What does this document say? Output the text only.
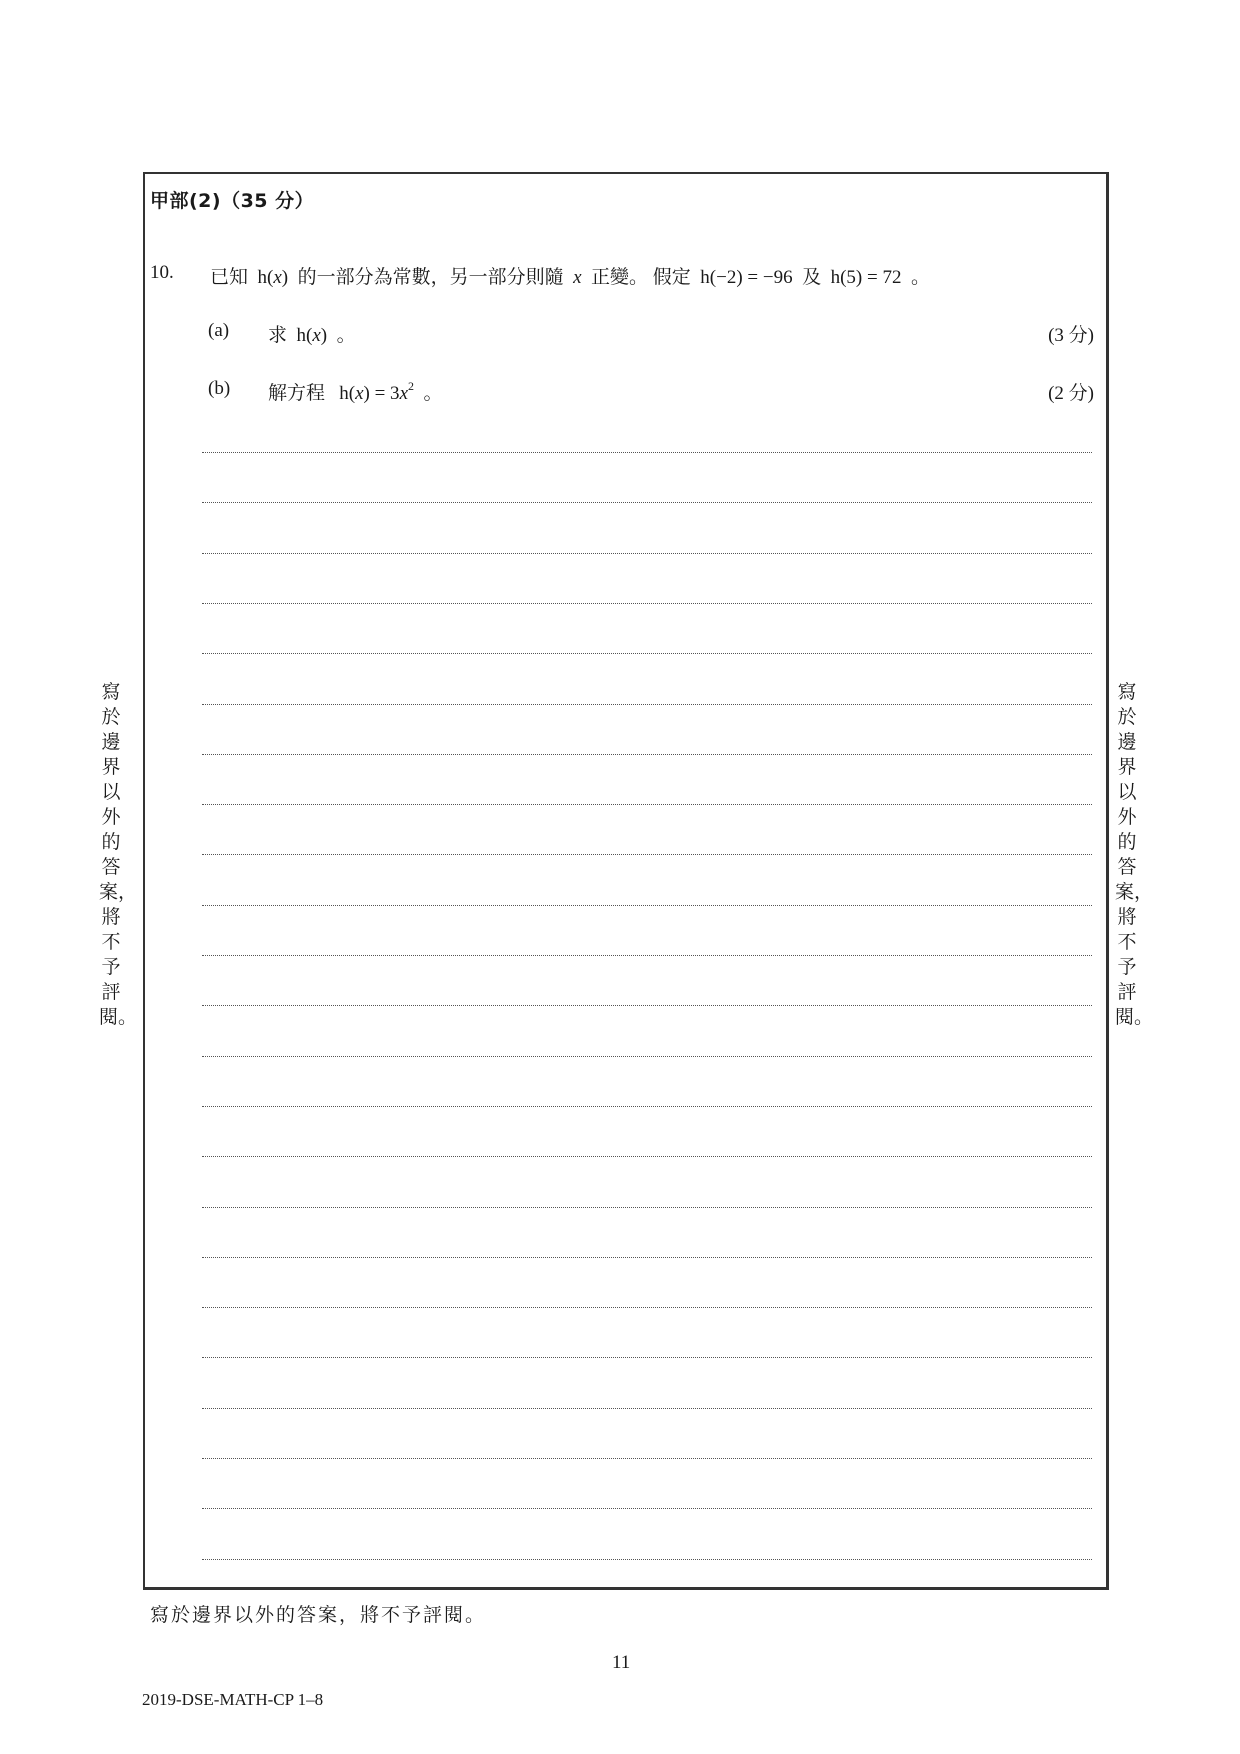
甲部(2)（35 分）
10. 已知  h(x)  的一部分為常數，另一部分則隨  x  正變。 假定  h(−2) = −96  及  h(5) = 72  。
(a) 求  h(x)  。	(3 分)
(b) 解方程   $h(x) = 3x^2$  。	(2 分)
寫於邊界以外的答案，將不予評閱。
寫於邊界以外的答案，將不予評閱。
寫於邊界以外的答案，將不予評閱。
11
2019-DSE-MATH-CP 1–8
